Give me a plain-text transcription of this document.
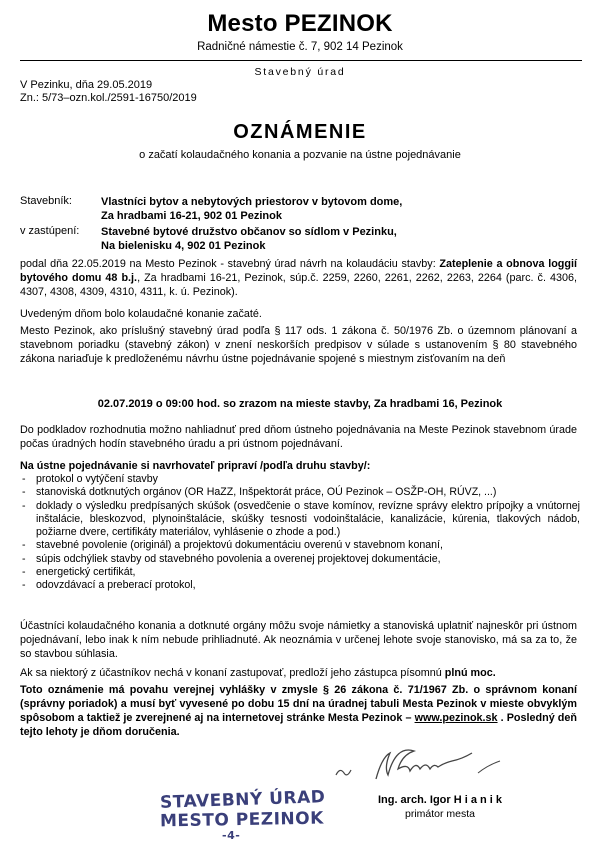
Mesto PEZINOK
Radničné námestie č. 7, 902 14 Pezinok
Stavebný úrad
V Pezinku, dňa 29.05.2019
Zn.: 5/73–ozn.kol./2591-16750/2019
OZNÁMENIE
o začatí kolaudačného konania a pozvanie na ústne pojednávanie
Stavebník:	Vlastníci bytov a nebytových priestorov v bytovom dome,
Za hradbami 16-21, 902 01 Pezinok
v zastúpení: Stavebné bytové družstvo občanov so sídlom v Pezinku,
Na bielenisku 4, 902 01 Pezinok
podal dňa 22.05.2019 na Mesto Pezinok - stavebný úrad návrh na kolaudáciu stavby: Zateplenie a obnova loggií bytového domu 48 b.j., Za hradbami 16-21, Pezinok, súp.č. 2259, 2260, 2261, 2262, 2263, 2264 (parc. č. 4306, 4307, 4308, 4309, 4310, 4311, k. ú. Pezinok).
Uvedeným dňom bolo kolaudačné konanie začaté.
Mesto Pezinok, ako príslušný stavebný úrad podľa § 117 ods. 1 zákona č. 50/1976 Zb. o územnom plánovaní a stavebnom poriadku (stavebný zákon) v znení neskorších predpisov v súlade s ustanovením § 80 stavebného zákona nariaďuje k predloženému návrhu ústne pojednávanie spojené s miestnym zisťovaním na deň
02.07.2019 o 09:00 hod. so zrazom na mieste stavby, Za hradbami 16, Pezinok
Do podkladov rozhodnutia možno nahliadnuť pred dňom ústneho pojednávania na Meste Pezinok stavebnom úrade počas úradných hodín stavebného úradu a pri ústnom pojednávaní.
Na ústne pojednávanie si navrhovateľ pripraví /podľa druhu stavby/:
- protokol o vytýčení stavby
- stanoviská dotknutých orgánov (OR HaZZ, Inšpektorát práce, OÚ Pezinok – OSŽP-OH, RÚVZ, ...)
- doklady o výsledku predpísaných skúšok (osvedčenie o stave komínov, revízne správy elektro prípojky a vnútornej inštalácie, bleskozvod, plynoinštalácie, skúšky tesnosti vodoinštalácie, kanalizácie, kúrenia, tlakových nádob, požiarne dvere, certifikáty materiálov, vyhlásenie o zhode a pod.)
- stavebné povolenie (originál) a projektovú dokumentáciu overenú v stavebnom konaní,
- súpis odchýliek stavby od stavebného povolenia a overenej projektovej dokumentácie,
- energetický certifikát,
- odovzdávací a preberací protokol,
Účastníci kolaudačného konania a dotknuté orgány môžu svoje námietky a stanoviská uplatniť najneskôr pri ústnom pojednávaní, lebo inak k ním nebude prihliadnuté. Ak neoznámia v určenej lehote svoje stanovisko, má sa za to, že so stavbou súhlasia.
Ak sa niektorý z účastníkov nechá v konaní zastupovať, predloží jeho zástupca písomnú plnú moc.
Toto oznámenie má povahu verejnej vyhlášky v zmysle § 26 zákona č. 71/1967 Zb. o správnom konaní (správny poriadok) a musí byť vyvesené po dobu 15 dní na úradnej tabuli Mesta Pezinok v mieste obvyklým spôsobom a taktiež je zverejnené aj na internetovej stránke Mesta Pezinok – www.pezinok.sk . Posledný deň tejto lehoty je dňom doručenia.
STAVEBNÝ ÚRAD
MESTO PEZINOK
-4-
Ing. arch. Igor H i a n i k
primátor mesta
